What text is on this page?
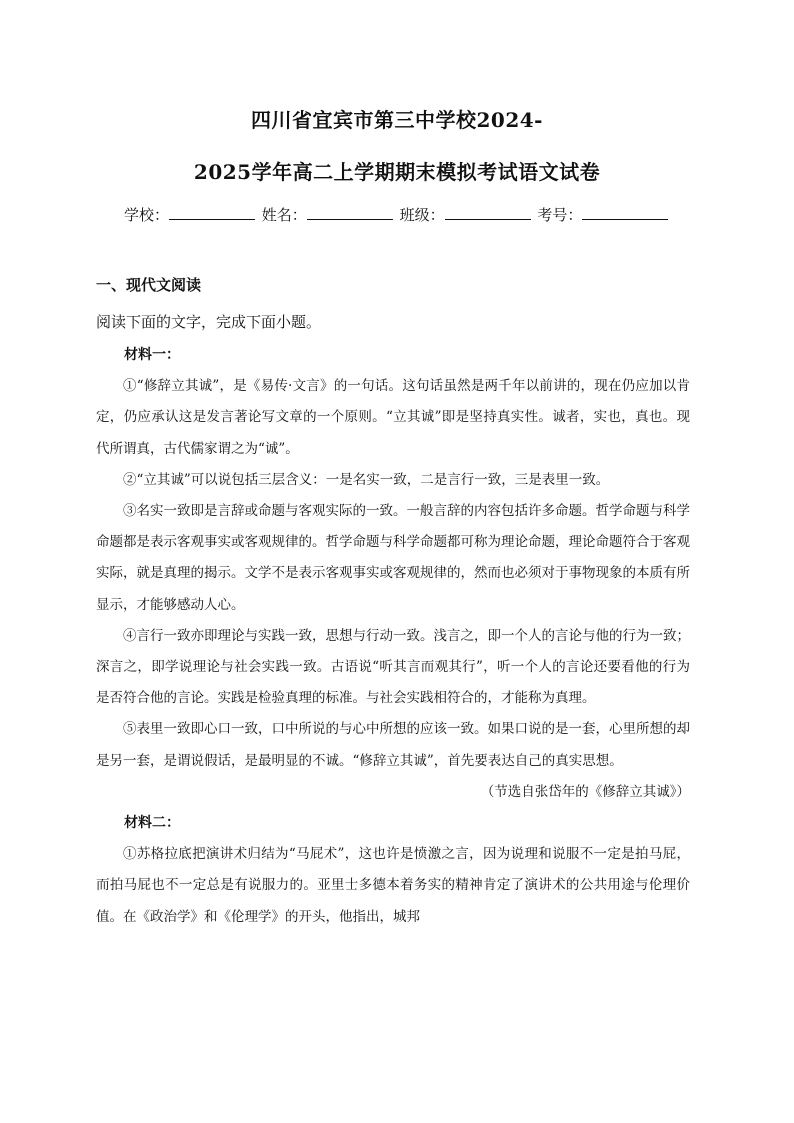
四川省宜宾市第三中学校2024-
2025学年高二上学期期末模拟考试语文试卷
学校：	姓名：	班级：	考号：
一、现代文阅读
阅读下面的文字，完成下面小题。

材料一：

①“修辞立其诚”，是《易传·文言》的一句话。这句话虽然是两千年以前讲的，现在仍应加以肯定，仍应承认这是发言著论写文章的一个原则。“立其诚”即是坚持真实性。诚者，实也，真也。现代所谓真，古代儒家谓之为“诚”。

②“立其诚”可以说包括三层含义：一是名实一致，二是言行一致，三是表里一致。

③名实一致即是言辞或命题与客观实际的一致。一般言辞的内容包括许多命题。哲学命题与科学命题都是表示客观事实或客观规律的。哲学命题与科学命题都可称为理论命题，理论命题符合于客观实际，就是真理的揭示。文学不是表示客观事实或客观规律的，然而也必须对于事物现象的本质有所显示，才能够感动人心。

④言行一致亦即理论与实践一致，思想与行动一致。浅言之，即一个人的言论与他的行为一致；深言之，即学说理论与社会实践一致。古语说“听其言而观其行”，听一个人的言论还要看他的行为是否符合他的言论。实践是检验真理的标准。与社会实践相符合的，才能称为真理。

⑤表里一致即心口一致，口中所说的与心中所想的应该一致。如果口说的是一套，心里所想的却是另一套，是谓说假话，是最明显的不诚。“修辞立其诚”，首先要表达自己的真实思想。

（节选自张岱年的《修辞立其诚》）

材料二：

①苏格拉底把演讲术归结为“马屁术”，这也许是愤激之言，因为说理和说服不一定是拍马屁，而拍马屁也不一定总是有说服力的。亚里士多德本着务实的精神肯定了演讲术的公共用途与伦理价值。在《政治学》和《伦理学》的开头，他指出，城邦
